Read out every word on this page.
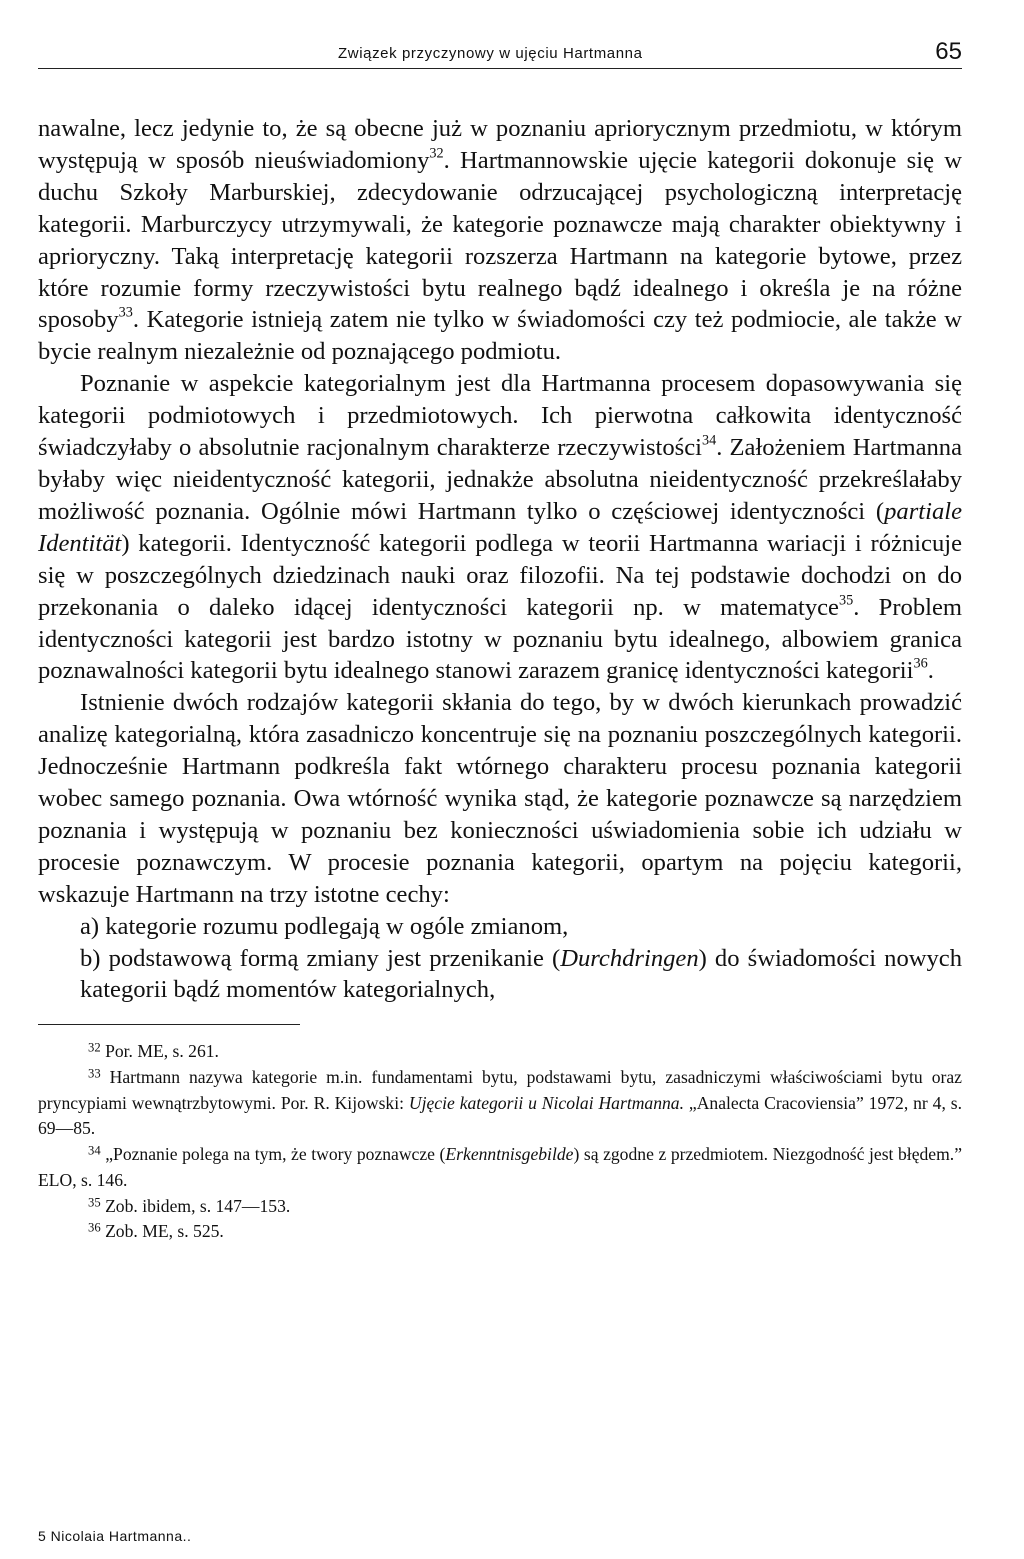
Związek przyczynowy w ujęciu Hartmanna	65

nawalne, lecz jedynie to, że są obecne już w poznaniu apriorycznym przedmiotu, w którym występują w sposób nieuświadomiony$^{32}$. Hartmannowskie ujęcie kategorii dokonuje się w duchu Szkoły Marburskiej, zdecydowanie odrzucającej psychologiczną interpretację kategorii. Marburczycy utrzymywali, że kategorie poznawcze mają charakter obiektywny i aprioryczny. Taką interpretację kategorii rozszerza Hartmann na kategorie bytowe, przez które rozumie formy rzeczywistości bytu realnego bądź idealnego i określa je na różne sposoby$^{33}$. Kategorie istnieją zatem nie tylko w świadomości czy też podmiocie, ale także w bycie realnym niezależnie od poznającego podmiotu.

Poznanie w aspekcie kategorialnym jest dla Hartmanna procesem dopasowywania się kategorii podmiotowych i przedmiotowych. Ich pierwotna całkowita identyczność świadczyłaby o absolutnie racjonalnym charakterze rzeczywistości$^{34}$. Założeniem Hartmanna byłaby więc nieidentyczność kategorii, jednakże absolutna nieidentyczność przekreślałaby możliwość poznania. Ogólnie mówi Hartmann tylko o częściowej identyczności (partiale Identität) kategorii. Identyczność kategorii podlega w teorii Hartmanna wariacji i różnicuje się w poszczególnych dziedzinach nauki oraz filozofii. Na tej podstawie dochodzi on do przekonania o daleko idącej identyczności kategorii np. w matematyce$^{35}$. Problem identyczności kategorii jest bardzo istotny w poznaniu bytu idealnego, albowiem granica poznawalności kategorii bytu idealnego stanowi zarazem granicę identyczności kategorii$^{36}$.

Istnienie dwóch rodzajów kategorii skłania do tego, by w dwóch kierunkach prowadzić analizę kategorialną, która zasadniczo koncentruje się na poznaniu poszczególnych kategorii. Jednocześnie Hartmann podkreśla fakt wtórnego charakteru procesu poznania kategorii wobec samego poznania. Owa wtórność wynika stąd, że kategorie poznawcze są narzędziem poznania i występują w poznaniu bez konieczności uświadomienia sobie ich udziału w procesie poznawczym. W procesie poznania kategorii, opartym na pojęciu kategorii, wskazuje Hartmann na trzy istotne cechy:

a) kategorie rozumu podlegają w ogóle zmianom,

b) podstawową formą zmiany jest przenikanie (Durchdringen) do świadomości nowych kategorii bądź momentów kategorialnych,

$^{32}$ Por. ME, s. 261.

$^{33}$ Hartmann nazywa kategorie m.in. fundamentami bytu, podstawami bytu, zasadniczymi właściwościami bytu oraz pryncypiami wewnątrzbytowymi. Por. R. Kijowski: Ujęcie kategorii u Nicolai Hartmanna. „Analecta Cracoviensia” 1972, nr 4, s. 69—85.

$^{34}$ „Poznanie polega na tym, że twory poznawcze (Erkenntnisgebilde) są zgodne z przedmiotem. Niezgodność jest błędem.” ELO, s. 146.

$^{35}$ Zob. ibidem, s. 147—153.

$^{36}$ Zob. ME, s. 525.

5 Nicolaia Hartmanna..
